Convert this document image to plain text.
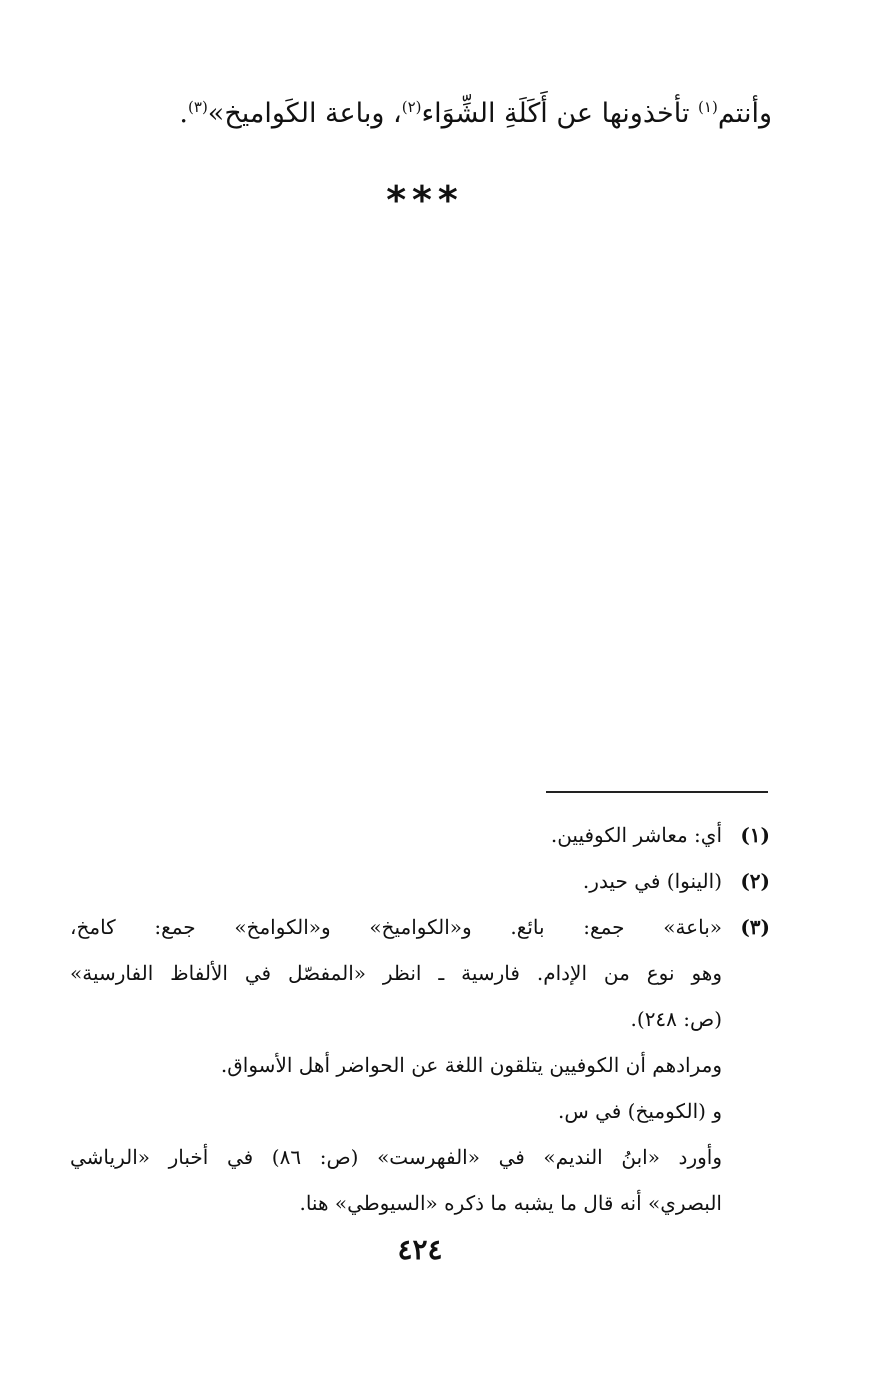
وأنتم$^{(١)}$ تأخذونها عن أَكَلَةِ الشِّوَاء$^{(٢)}$، وباعة الكَواميخ»$^{(٣)}$.
***
(١)
أي: معاشر الكوفيين.
(٢)
(الينوا) في حيدر.
(٣)
«باعة» جمع: بائع. و«الكواميخ» و«الكوامخ» جمع: كامخ،
وهو نوع من الإدام. فارسية ـ انظر «المفصّل في الألفاظ الفارسية»
(ص: ٢٤٨).
ومرادهم أن الكوفيين يتلقون اللغة عن الحواضر أهل الأسواق.
و (الكوميخ) في س.
وأورد «ابنُ النديم» في «الفهرست» (ص: ٨٦) في أخبار «الرياشي
البصري» أنه قال ما يشبه ما ذكره «السيوطي» هنا.
٤٢٤
